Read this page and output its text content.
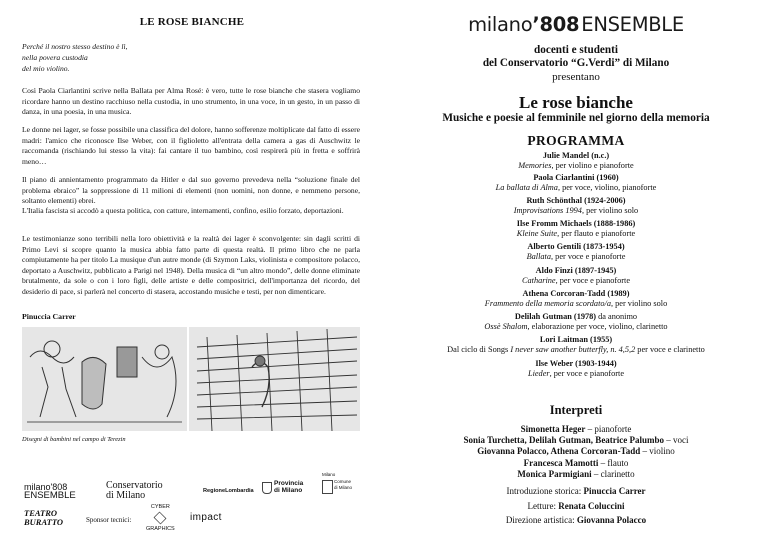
LE ROSE BIANCHE
Perché il nostro stesso destino è lì,
nella povera custodia
del mio violino.
Così Paola Ciarlantini scrive nella Ballata per Alma Rosé: è vero, tutte le rose bianche che stasera vogliamo ricordare hanno un destino racchiuso nella custodia, in uno strumento, in una voce, in un gesto, in un passo di danza, in una poesia, in una musica.
Le donne nei lager, se fosse possibile una classifica del dolore, hanno sofferenze moltiplicate dal fatto di essere madri: l'amico che riconosce Ilse Weber, con il figlioletto all'entrata della camera a gas di Auschwitz le raccomanda (rischiando lui stesso la vita): fai cantare il tuo bambino, così respirerà più in fretta e soffrirà meno…
Il piano di annientamento programmato da Hitler e dal suo governo prevedeva nella “soluzione finale del problema ebraico” la soppressione di 11 milioni di elementi (non uomini, non donne, e nemmeno persone, soltanto elementi) ebrei.
L'Italia fascista si accodò a questa politica, con catture, internamenti, confino, esilio forzato, deportazioni.
Le testimonianze sono terribili nella loro obiettività e la realtà dei lager è sconvolgente: sin dagli scritti di Primo Levi si scopre quanto la musica abbia fatto parte di questa realtà. Il primo libro che ne parla compiutamente ha per titolo La musique d'un autre monde (di Szymon Laks, violinista e compositore polacco, deportato a Auschwitz, pubblicato a Parigi nel 1948). Della musica di “un altro mondo”, delle donne eliminate brutalmente, da sole o con i loro figli, delle artiste e delle compositrici, dell'importanza del ricordo, del desiderio di pace, si parlerà nel concerto di stasera, accostando musiche e testi, per non dimenticare.
Pinuccia Carrer
Disegni di bambini nel campo di Terezin
milano'808
ENSEMBLE
Conservatorio
di Milano
TEATRO
BURATTO	Sponsor tecnici:
CYBER
GRAPHICS
impact
RegioneLombardia
Provincia
di Milano
Milano
Comune
di Milano
milano’808 ENSEMBLE
docenti e studenti
del Conservatorio “G.Verdi” di Milano
presentano
Le rose bianche
Musiche e poesie al femminile nel giorno della memoria
PROGRAMMA
Julie Mandel (n.c.)
Memories, per violino e pianoforte
Paola Ciarlantini (1960)
La ballata di Alma, per voce, violino, pianoforte
Ruth Schönthal (1924-2006)
Improvisations 1994, per violino solo
Ilse Fromm Michaels (1888-1986)
Kleine Suite, per flauto e pianoforte
Alberto Gentili (1873-1954)
Ballata, per voce e pianoforte
Aldo Finzi (1897-1945)
Catharine, per voce e pianoforte
Athena Corcoran-Tadd (1989)
Frammento della memoria scordato/a, per violino solo
Delilah Gutman (1978) da anonimo
Ossè Shalom, elaborazione per voce, violino, clarinetto
Lori Laitman (1955)
Dal ciclo di Songs I never saw another butterfly, n. 4,5,2 per voce e clarinetto
Ilse Weber (1903-1944)
Lieder, per voce e pianoforte
Interpreti
Simonetta Heger – pianoforte
Sonia Turchetta, Delilah Gutman, Beatrice Palumbo – voci
Giovanna Polacco, Athena Corcoran-Tadd – violino
Francesca Mamotti – flauto
Monica Parmigiani – clarinetto
Introduzione storica: Pinuccia Carrer
Letture: Renata Coluccini
Direzione artistica: Giovanna Polacco
